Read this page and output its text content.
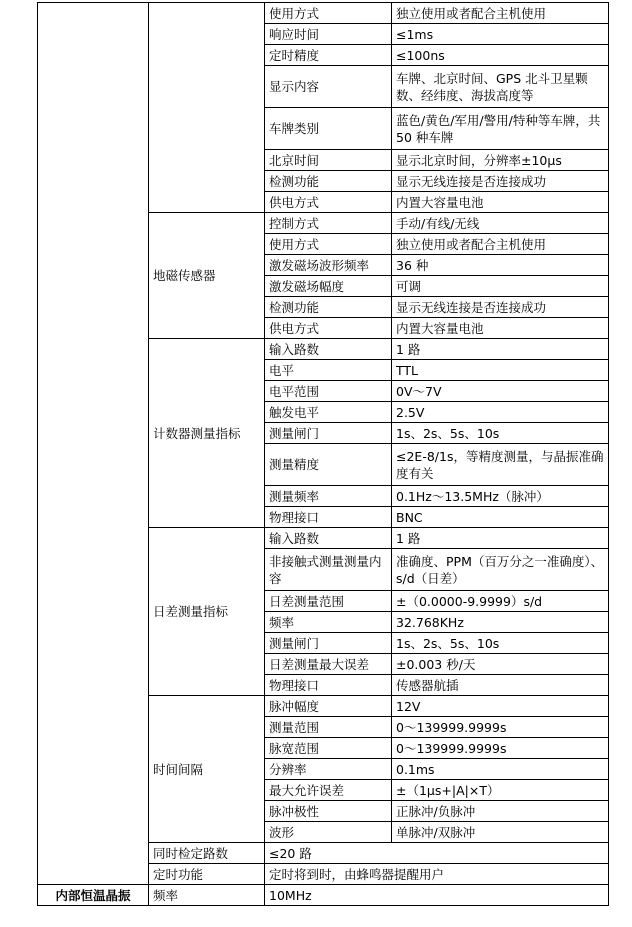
		使用方式	独立使用或者配合主机使用
		响应时间	≤1ms
		定时精度	≤100ns
		显示内容	车牌、北京时间、GPS 北斗卫星颗数、经纬度、海拔高度等
		车牌类别	蓝色/黄色/军用/警用/特种等车牌，共 50 种车牌
		北京时间	显示北京时间，分辨率±10μs
		检测功能	显示无线连接是否连接成功
		供电方式	内置大容量电池
	地磁传感器	控制方式	手动/有线/无线
		使用方式	独立使用或者配合主机使用
		激发磁场波形频率	36 种
		激发磁场幅度	可调
		检测功能	显示无线连接是否连接成功
		供电方式	内置大容量电池
	计数器测量指标	输入路数	1 路
		电平	TTL
		电平范围	0V～7V
		触发电平	2.5V
		测量闸门	1s、2s、5s、10s
		测量精度	≤2E-8/1s，等精度测量，与晶振准确度有关
		测量频率	0.1Hz～13.5MHz（脉冲）
		物理接口	BNC
	日差测量指标	输入路数	1 路
		非接触式测量测量内容	准确度、PPM（百万分之一准确度）、s/d（日差）
		日差测量范围	±（0.0000-9.9999）s/d
		频率	32.768KHz
		测量闸门	1s、2s、5s、10s
		日差测量最大误差	±0.003 秒/天
		物理接口	传感器航插
	时间间隔	脉冲幅度	12V
		测量范围	0～139999.9999s
		脉宽范围	0～139999.9999s
		分辨率	0.1ms
		最大允许误差	±（1μs+|A|×T）
		脉冲极性	正脉冲/负脉冲
		波形	单脉冲/双脉冲
	同时检定路数	≤20 路	
	定时功能	定时将到时，由蜂鸣器提醒用户	
内部恒温晶振	频率	10MHz	
